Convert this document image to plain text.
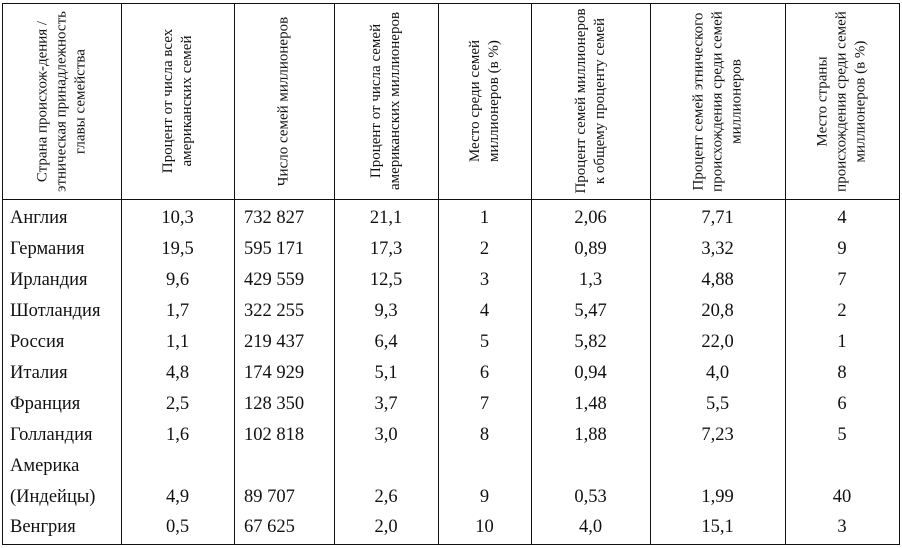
Страна происхож-дения / этническая принадлежность главы семейства	Процент от числа всех американских семей	Число семей миллионеров	Процент от числа семей американских миллионеров	Место среди семей миллионеров (в %)	Процент семей миллионеров к общему проценту семей	Процент семей этнического происхождения среди семей миллионеров	Место страны происхождения среди семей миллионеров (в %)
Англия	10,3	732 827	21,1	1	2,06	7,71	4
Германия	19,5	595 171	17,3	2	0,89	3,32	9
Ирландия	9,6	429 559	12,5	3	1,3	4,88	7
Шотландия	1,7	322 255	9,3	4	5,47	20,8	2
Россия	1,1	219 437	6,4	5	5,82	22,0	1
Италия	4,8	174 929	5,1	6	0,94	4,0	8
Франция	2,5	128 350	3,7	7	1,48	5,5	6
Голландия	1,6	102 818	3,0	8	1,88	7,23	5
Америка
(Индейцы)	4,9	89 707	2,6	9	0,53	1,99	40
Венгрия	0,5	67 625	2,0	10	4,0	15,1	3
